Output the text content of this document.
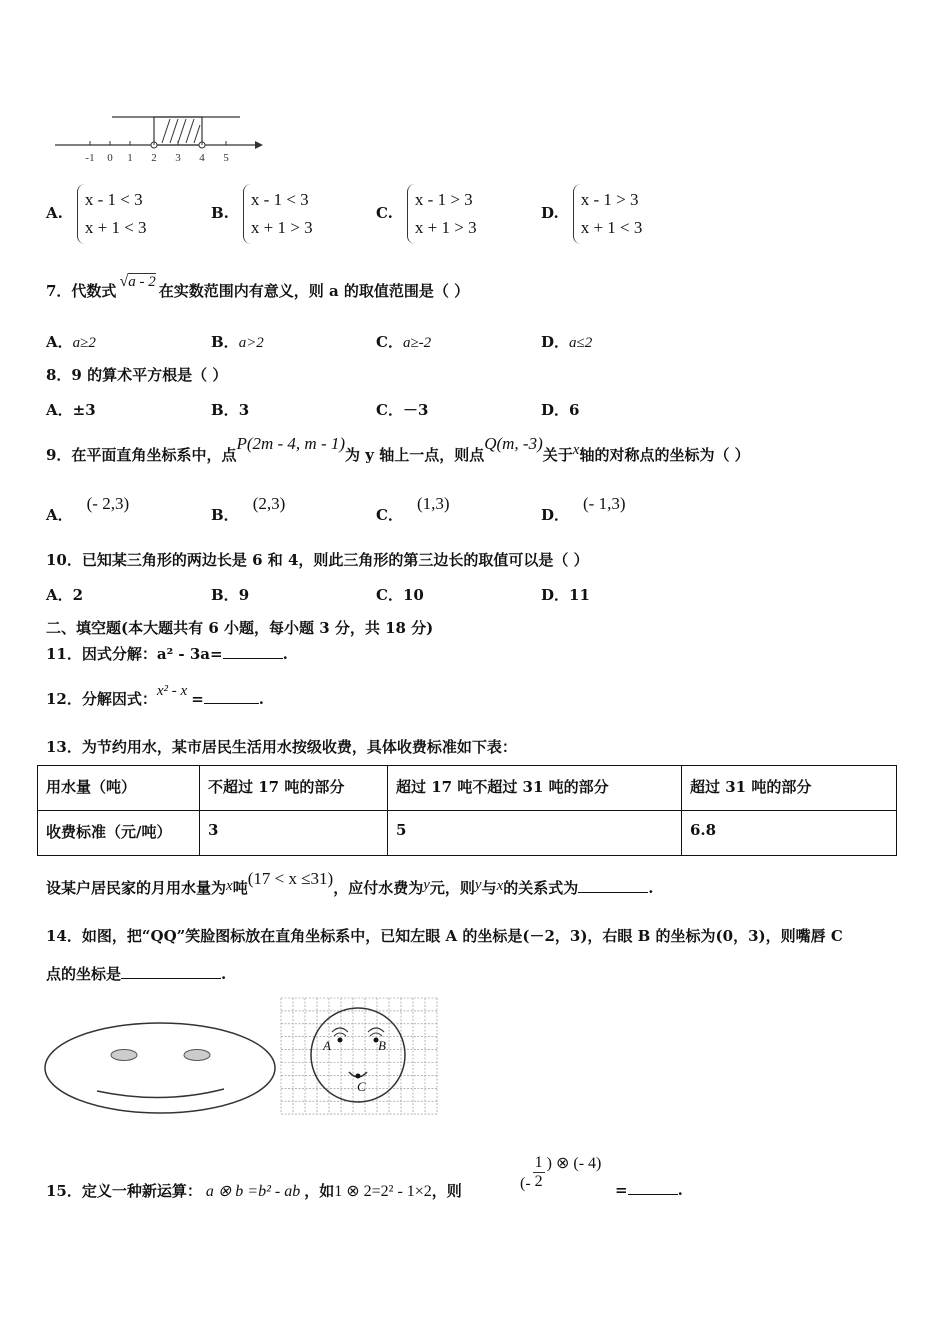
-1 0 1 2 3 4 5
A.
x - 1 < 3
x + 1 < 3
B.
x - 1 < 3
x + 1 > 3
C.
x - 1 > 3
x + 1 > 3
D.
x - 1 > 3
x + 1 < 3
7．代数式√a - 2 在实数范围内有意义，则 a 的取值范围是（ ）
A．a≥2	B．a>2	C．a≥-2	D．a≤2
8．9 的算术平方根是（ ）
A．±3	B．3	C．－3	D．6
9．在平面直角坐标系中，点P(2m - 4, m - 1)为 y 轴上一点，则点Q(m, -3)关于x轴的对称点的坐标为（ ）
A．(- 2,3)
B．(2,3)
C．(1,3)
D．(- 1,3)
10．已知某三角形的两边长是 6 和 4，则此三角形的第三边长的取值可以是（ ）
A．2	B．9	C．10	D．11
二、填空题(本大题共有 6 小题，每小题 3 分，共 18 分)
11．因式分解：a² - 3a=	.
12．分解因式：x² - x =	.
13．为节约用水，某市居民生活用水按级收费，具体收费标准如下表：
用水量（吨）	不超过 17 吨的部分	超过 17 吨不超过 31 吨的部分	超过 31 吨的部分
收费标准（元/吨）	3	5	6.8
设某户居民家的月用水量为x吨(17 < x ≤31)，应付水费为y元，则y与x的关系式为	.
14．如图，把“QQ”笑脸图标放在直角坐标系中，已知左眼 A 的坐标是(－2，3)，右眼 B 的坐标为(0，3)，则嘴唇 C
点的坐标是	.
A	B
C
15．定义一种新运算： a ⊗ b =b² - ab ，如1 ⊗ 2=2² - 1×2，则	(- $\frac{1}{2}$ ) ⊗ (- 4)
=	.
